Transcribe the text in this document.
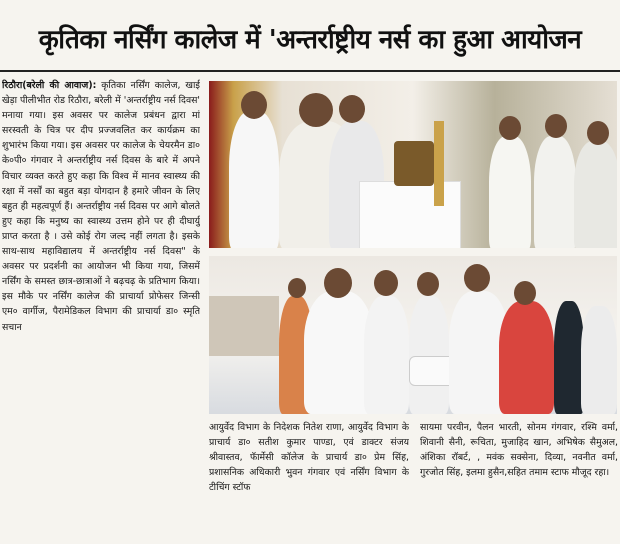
कृतिका नर्सिंग कालेज में 'अन्तर्राष्ट्रीय नर्स का हुआ आयोजन

रिठौरा(बरेली की आवाज): कृतिका नर्सिंग कालेज, खाई खेड़ा पीलीभीत रोड रिठौरा, बरेली में 'अन्तर्राष्ट्रीय नर्स दिवस' मनाया गया। इस अवसर पर कालेज प्रबंधन द्वारा मां सरस्वती के चित्र पर दीप प्रज्जवलित कर कार्यक्रम का शुभारंभ किया गया। इस अवसर पर कालेज के चेयरमैन डा० के०पी० गंगवार ने अन्तर्राष्ट्रीय नर्स दिवस के बारे में अपने विचार व्यक्त करते हुए कहा कि विश्व में मानव स्वास्थ्य की रक्षा में नर्सों का बहुत बड़ा योगदान है हमारे जीवन के लिए बहुत ही महत्वपूर्ण हैं। अन्तर्राष्ट्रीय नर्स दिवस पर आगे बोलते हुए कहा कि मनुष्य का स्वास्थ्य उत्तम होने पर ही दीघार्यु प्राप्त करता है । उसे कोई रोग जल्द नहीं लगता है। इसके साथ-साथ महाविद्यालय में अन्तर्राष्ट्रीय नर्स दिवस" के अवसर पर प्रदर्शनी का आयोजन भी किया गया, जिसमें नर्सिंग के समस्त छात्र-छात्राओं ने बढ़चढ़ के प्रतिभाग किया। इस मौके पर नर्सिंग कालेज की प्राचार्या प्रोफेसर जिन्सी एम० वार्गीज, पैरामेडिकल विभाग की प्राचार्या डा० स्मृति सचान

आयुर्वेद विभाग के निदेशक नितेश राणा, आयुर्वेद विभाग के प्राचार्य डा० सतीश कुमार पाण्डा, एवं डाक्टर संजय श्रीवास्तव, फॅार्मेसी कॉलेज के प्राचार्य डा० प्रेम सिंह, प्रशासनिक अधिकारी भुवन गंगवार एवं नर्सिंग विभाग के टीचिंग स्टॉफ
सायमा परवीन, पैलन भारती, सोनम गंगवार, रश्मि वर्मा, शिवानी सैनी, रूचिता, मुजाहिद खान, अभिषेक सैमुअल, अंशिका रॉबर्ट, , मवंक सक्सेना, दिव्या, नवनीत वर्मा, गुरजोत सिंह, इलमा हुसैन,सहित तमाम स्टाफ मौजूद रहा।
